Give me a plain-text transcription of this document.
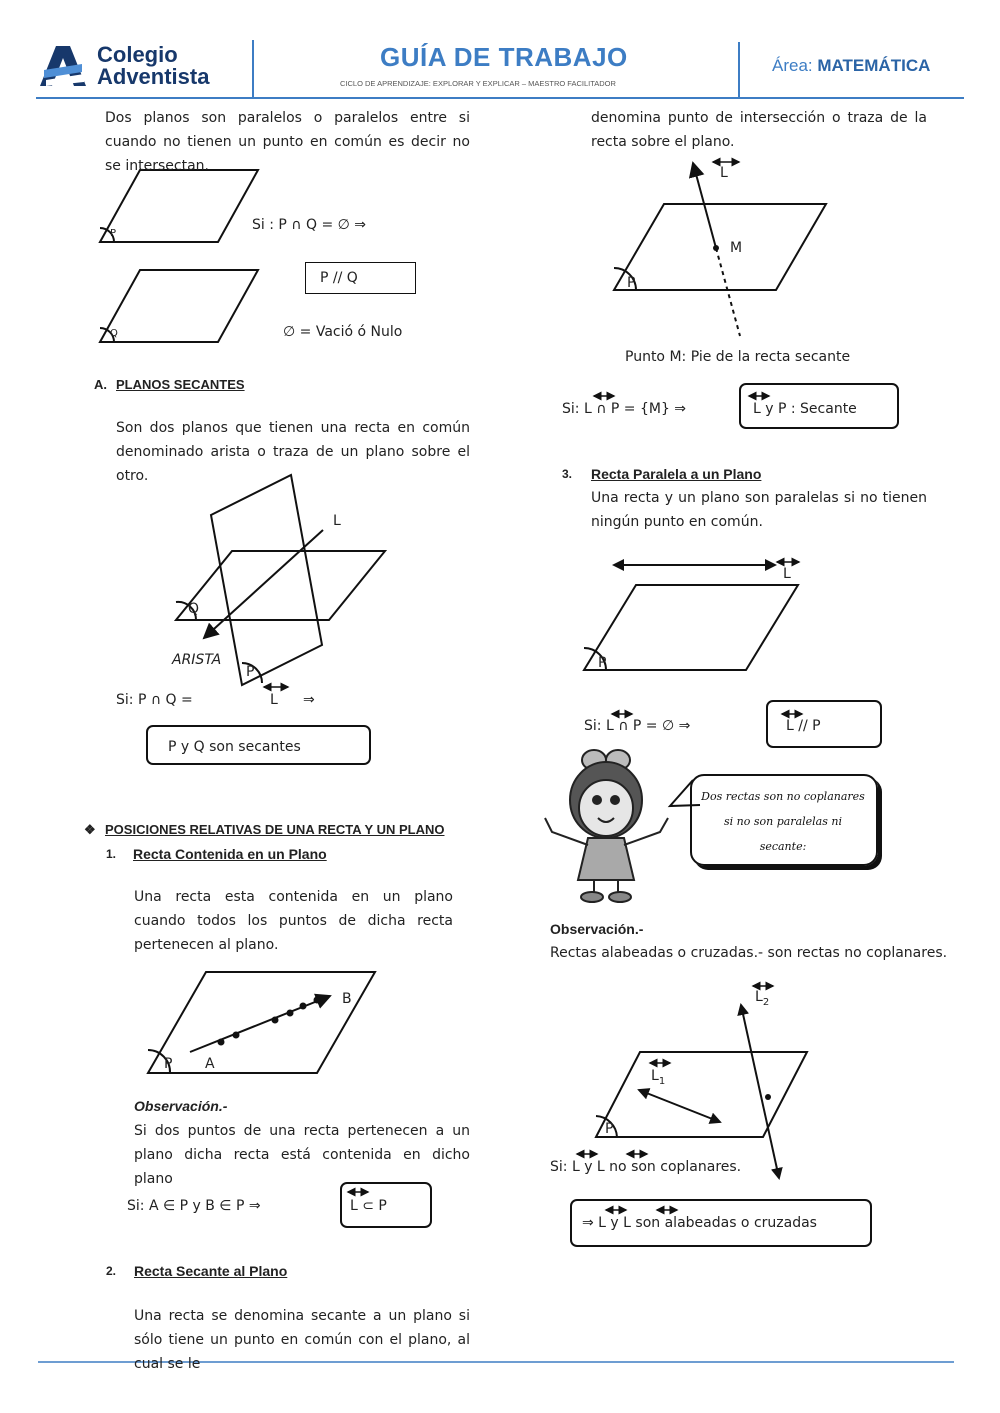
Colegio
Adventista
GUÍA DE TRABAJO
CICLO DE APRENDIZAJE: EXPLORAR Y EXPLICAR – MAESTRO FACILITADOR
Área: MATEMÁTICA
Dos planos son paralelos o paralelos entre si cuando no tienen un punto en común es decir no se intersectan.
P
Q
Si : P ∩ Q = ∅ ⇒
P // Q
∅ = Vació ó Nulo
A. PLANOS SECANTES
Son dos planos que tienen una recta en común denominado arista o traza de un plano sobre el otro.
L
Q
ARISTA
P
Si: P ∩ Q =	L ⇒
P y Q son secantes
❖ POSICIONES RELATIVAS DE UNA RECTA Y UN PLANO
1. Recta Contenida en un Plano
Una recta esta contenida en un plano cuando todos los puntos de dicha recta pertenecen al plano.
B
A
P
Observación.-
Si dos puntos de una recta pertenecen a un plano dicha recta está contenida en dicho plano
Si: A ∈ P y B ∈ P ⇒	L ⊂ P
2. Recta Secante al Plano
Una recta se denomina secante a un plano si sólo tiene un punto en común con el plano, al cual se le
denomina punto de intersección o traza de la recta sobre el plano.
L
M
P
Punto M: Pie de la recta secante
Si: L ∩ P = {M} ⇒	L y P : Secante
3. Recta Paralela a un Plano
Una recta y un plano son paralelas si no tienen ningún punto en común.
L
P
Si: L ∩ P = ∅ ⇒	L // P
Dos rectas son no coplanares
si no son paralelas ni
secante:
Observación.-
Rectas alabeadas o cruzadas.- son rectas no coplanares.
$L_2$
$L_1$
P
Si: L y L no son coplanares.
⇒ L y L son alabeadas o cruzadas
